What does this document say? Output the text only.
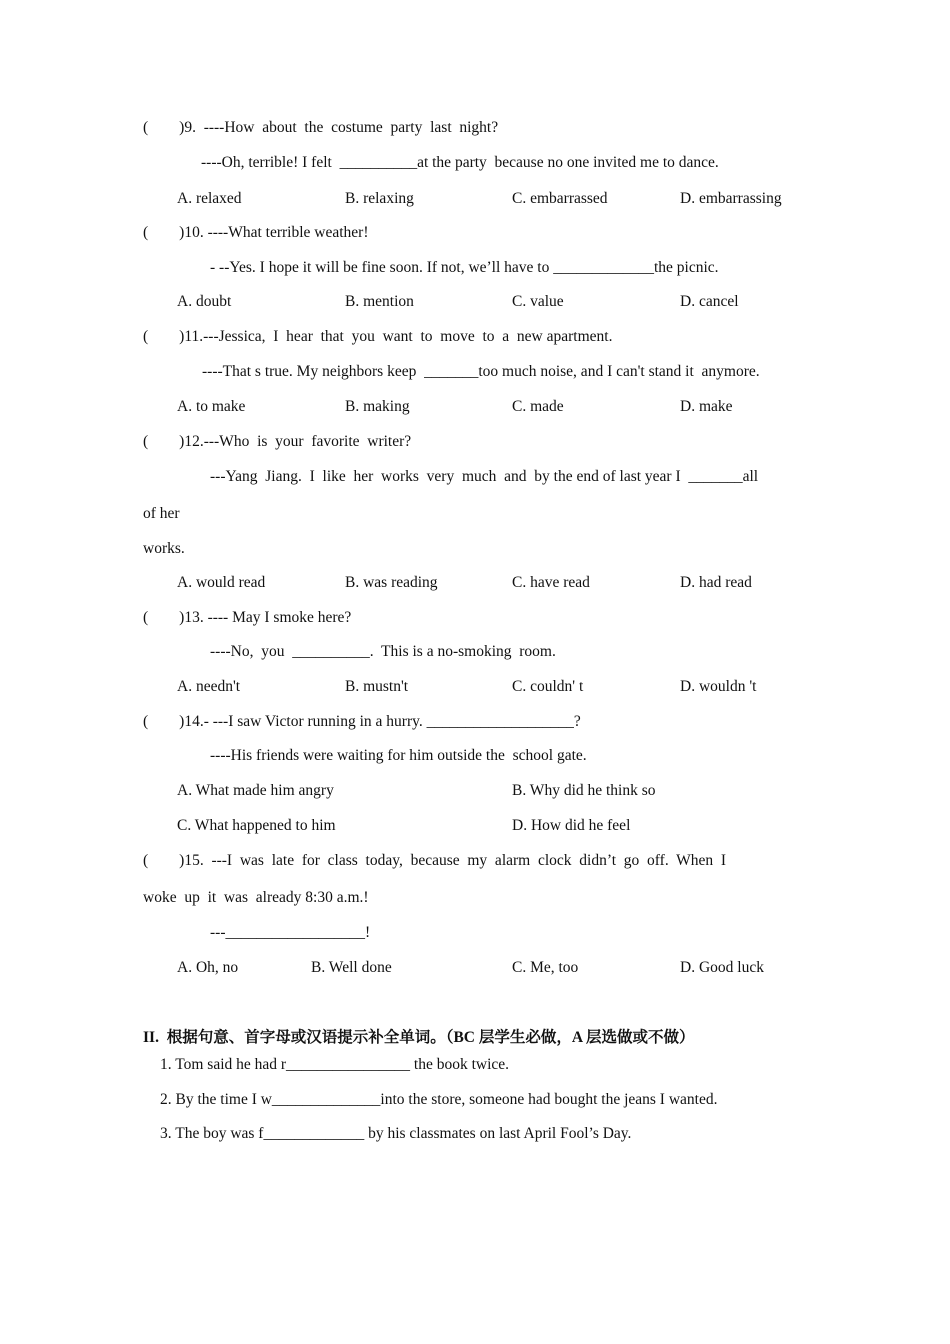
(        )9.  ----How  about  the  costume  party  last  night?
----Oh, terrible! I felt  __________at the party  because no one invited me to dance.
A. relaxed	B. relaxing	C. embarrassed	D. embarrassing
(        )10. ----What terrible weather!
- --Yes. I hope it will be fine soon. If not, we’ll have to _____________the picnic.
A. doubt	B. mention	C. value	D. cancel
(        )11.---Jessica,  I  hear  that  you  want  to  move  to  a  new apartment.
----That s true. My neighbors keep  _______too much noise, and I can't stand it  anymore.
A. to make	B. making	C. made	D. make
(        )12.---Who  is  your  favorite  writer?
---Yang  Jiang.  I  like  her  works  very  much  and  by the end of last year I  _______all
of her
works.
A. would read	B. was reading	C. have read	D. had read
(        )13. ---- May I smoke here?
----No,  you  __________.  This is a no-smoking  room.
A. needn't	B. mustn't	C. couldn' t	D. wouldn 't
(        )14.- ---I saw Victor running in a hurry. ___________________?
----His friends were waiting for him outside the  school gate.
A. What made him angry	B. Why did he think so
C. What happened to him	D. How did he feel
(        )15.  ---I  was  late  for  class  today,  because  my  alarm  clock  didn’t  go  off.  When  I
woke  up  it  was  already 8:30 a.m.!
---__________________!
A. Oh, no	B. Well done	C. Me, too	D. Good luck
II.  根据句意、首字母或汉语提示补全单词。（BC 层学生必做，A 层选做或不做）
1. Tom said he had r________________ the book twice.
2. By the time I w______________into the store, someone had bought the jeans I wanted.
3. The boy was f_____________ by his classmates on last April Fool’s Day.
